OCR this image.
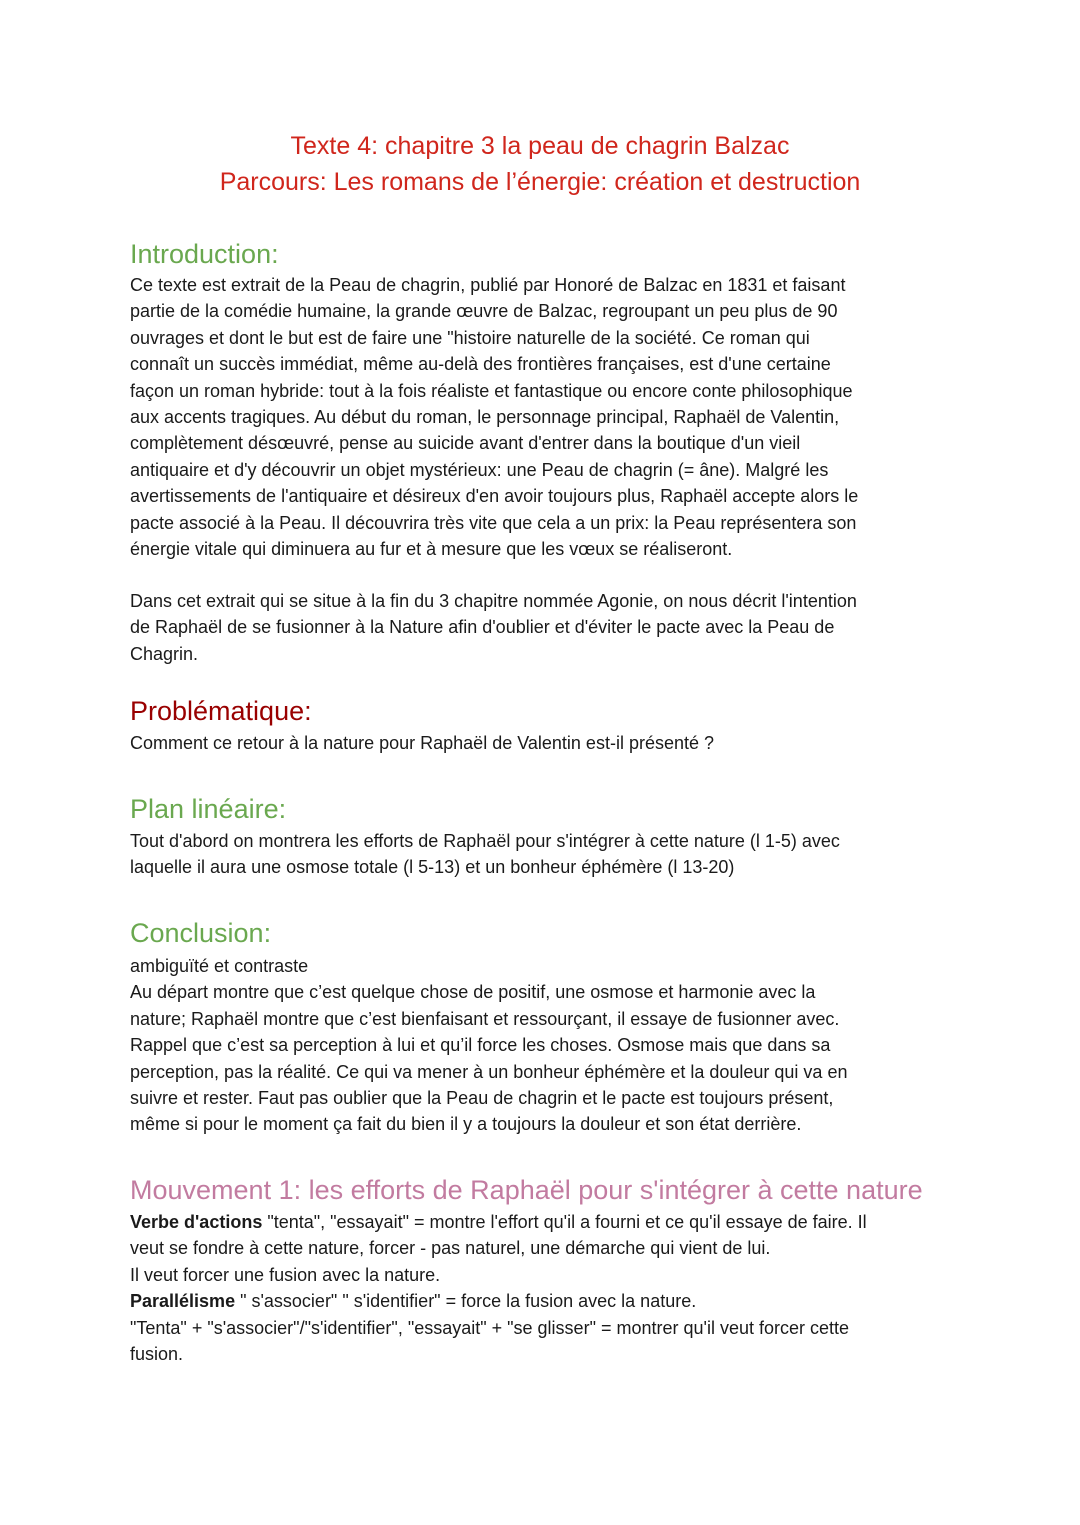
Texte 4: chapitre 3 la peau de chagrin Balzac
Parcours: Les romans de l’énergie: création et destruction
Introduction:
Ce texte est extrait de la Peau de chagrin, publié par Honoré de Balzac en 1831 et faisant
partie de la comédie humaine, la grande œuvre de Balzac, regroupant un peu plus de 90
ouvrages et dont le but est de faire une "histoire naturelle de la société. Ce roman qui
connaît un succès immédiat, même au-delà des frontières françaises, est d'une certaine
façon un roman hybride: tout à la fois réaliste et fantastique ou encore conte philosophique
aux accents tragiques. Au début du roman, le personnage principal, Raphaël de Valentin,
complètement désœuvré, pense au suicide avant d'entrer dans la boutique d'un vieil
antiquaire et d'y découvrir un objet mystérieux: une Peau de chagrin (= âne). Malgré les
avertissements de l'antiquaire et désireux d'en avoir toujours plus, Raphaël accepte alors le
pacte associé à la Peau. Il découvrira très vite que cela a un prix: la Peau représentera son
énergie vitale qui diminuera au fur et à mesure que les vœux se réaliseront.
Dans cet extrait qui se situe à la fin du 3 chapitre nommée Agonie, on nous décrit l'intention
de Raphaël de se fusionner à la Nature afin d'oublier et d'éviter le pacte avec la Peau de
Chagrin.
Problématique:
Comment ce retour à la nature pour Raphaël de Valentin est-il présenté ?
Plan linéaire:
Tout d'abord on montrera les efforts de Raphaël pour s'intégrer à cette nature (l 1-5) avec
laquelle il aura une osmose totale (l 5-13) et un bonheur éphémère (l 13-20)
Conclusion:
ambiguïté et contraste
Au départ montre que c’est quelque chose de positif, une osmose et harmonie avec la
nature; Raphaël montre que c’est bienfaisant et ressourçant, il essaye de fusionner avec.
Rappel que c’est sa perception à lui et qu’il force les choses. Osmose mais que dans sa
perception, pas la réalité. Ce qui va mener à un bonheur éphémère et la douleur qui va en
suivre et rester. Faut pas oublier que la Peau de chagrin et le pacte est toujours présent,
même si pour le moment ça fait du bien il y a toujours la douleur et son état derrière.
Mouvement 1: les efforts de Raphaël pour s'intégrer à cette nature
Verbe d'actions "tenta", "essayait" = montre l'effort qu'il a fourni et ce qu'il essaye de faire. Il
veut se fondre à cette nature, forcer - pas naturel, une démarche qui vient de lui.
Il veut forcer une fusion avec la nature.
Parallélisme " s'associer" " s'identifier" = force la fusion avec la nature.
"Tenta" + "s'associer"/"s'identifier", "essayait" + "se glisser" = montrer qu'il veut forcer cette
fusion.
